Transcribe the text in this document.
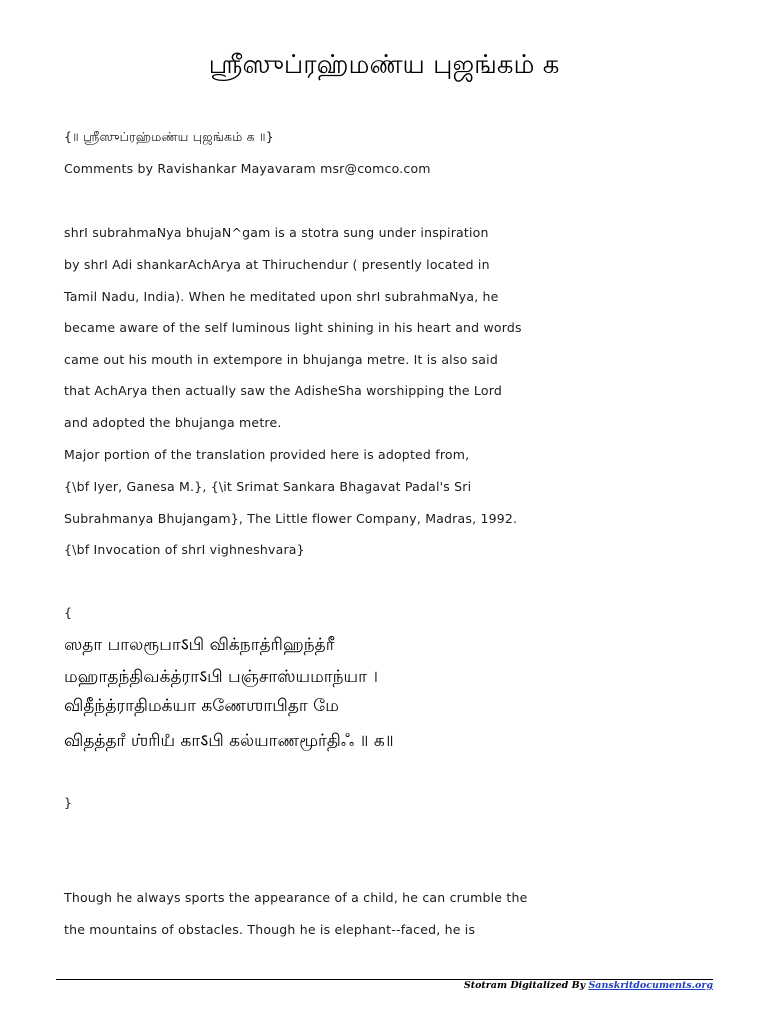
ஶ்ரீஸுப்ரஹ்மண்ய புஜங்கம் க
{॥ ஶ்ரீஸுப்ரஹ்மண்ய புஜங்கம் க ॥}
Comments by Ravishankar Mayavaram msr@comco.com
shrI subrahmaNya bhujaN^gam is a stotra sung under inspiration
by shrI Adi shankarAchArya at Thiruchendur ( presently located in
Tamil Nadu, India). When he meditated upon shrI subrahmaNya, he
became aware of the self luminous light shining in his heart and words
came out his mouth in extempore in bhujanga metre. It is also said
that AchArya then actually saw the AdisheSha worshipping the Lord
and adopted the bhujanga metre.
Major portion of the translation provided here is adopted from,
{\bf Iyer, Ganesa M.}, {\it Srimat Sankara Bhagavat Padal's Sri
Subrahmanya Bhujangam}, The Little flower Company, Madras, 1992.
{\bf Invocation of shrI vighneshvara}
{
ஸதா பாலரூபாऽபி விக்நாத்ரிஹந்த்ரீ
மஹாதந்திவக்த்ராऽபி பஞ்சாஸ்யமாந்யா ।
விதீந்த்ராதிமக்யா கணேஶாபிதா மே
விதத்தாஂ ஶ்ரியஂ காऽபி கல்யாணமூர்திஃ ॥ க॥
}
Though he always sports the appearance of a child, he can crumble the
the mountains of obstacles. Though he is elephant--faced, he is
Stotram Digitalized By Sanskritdocuments.org
